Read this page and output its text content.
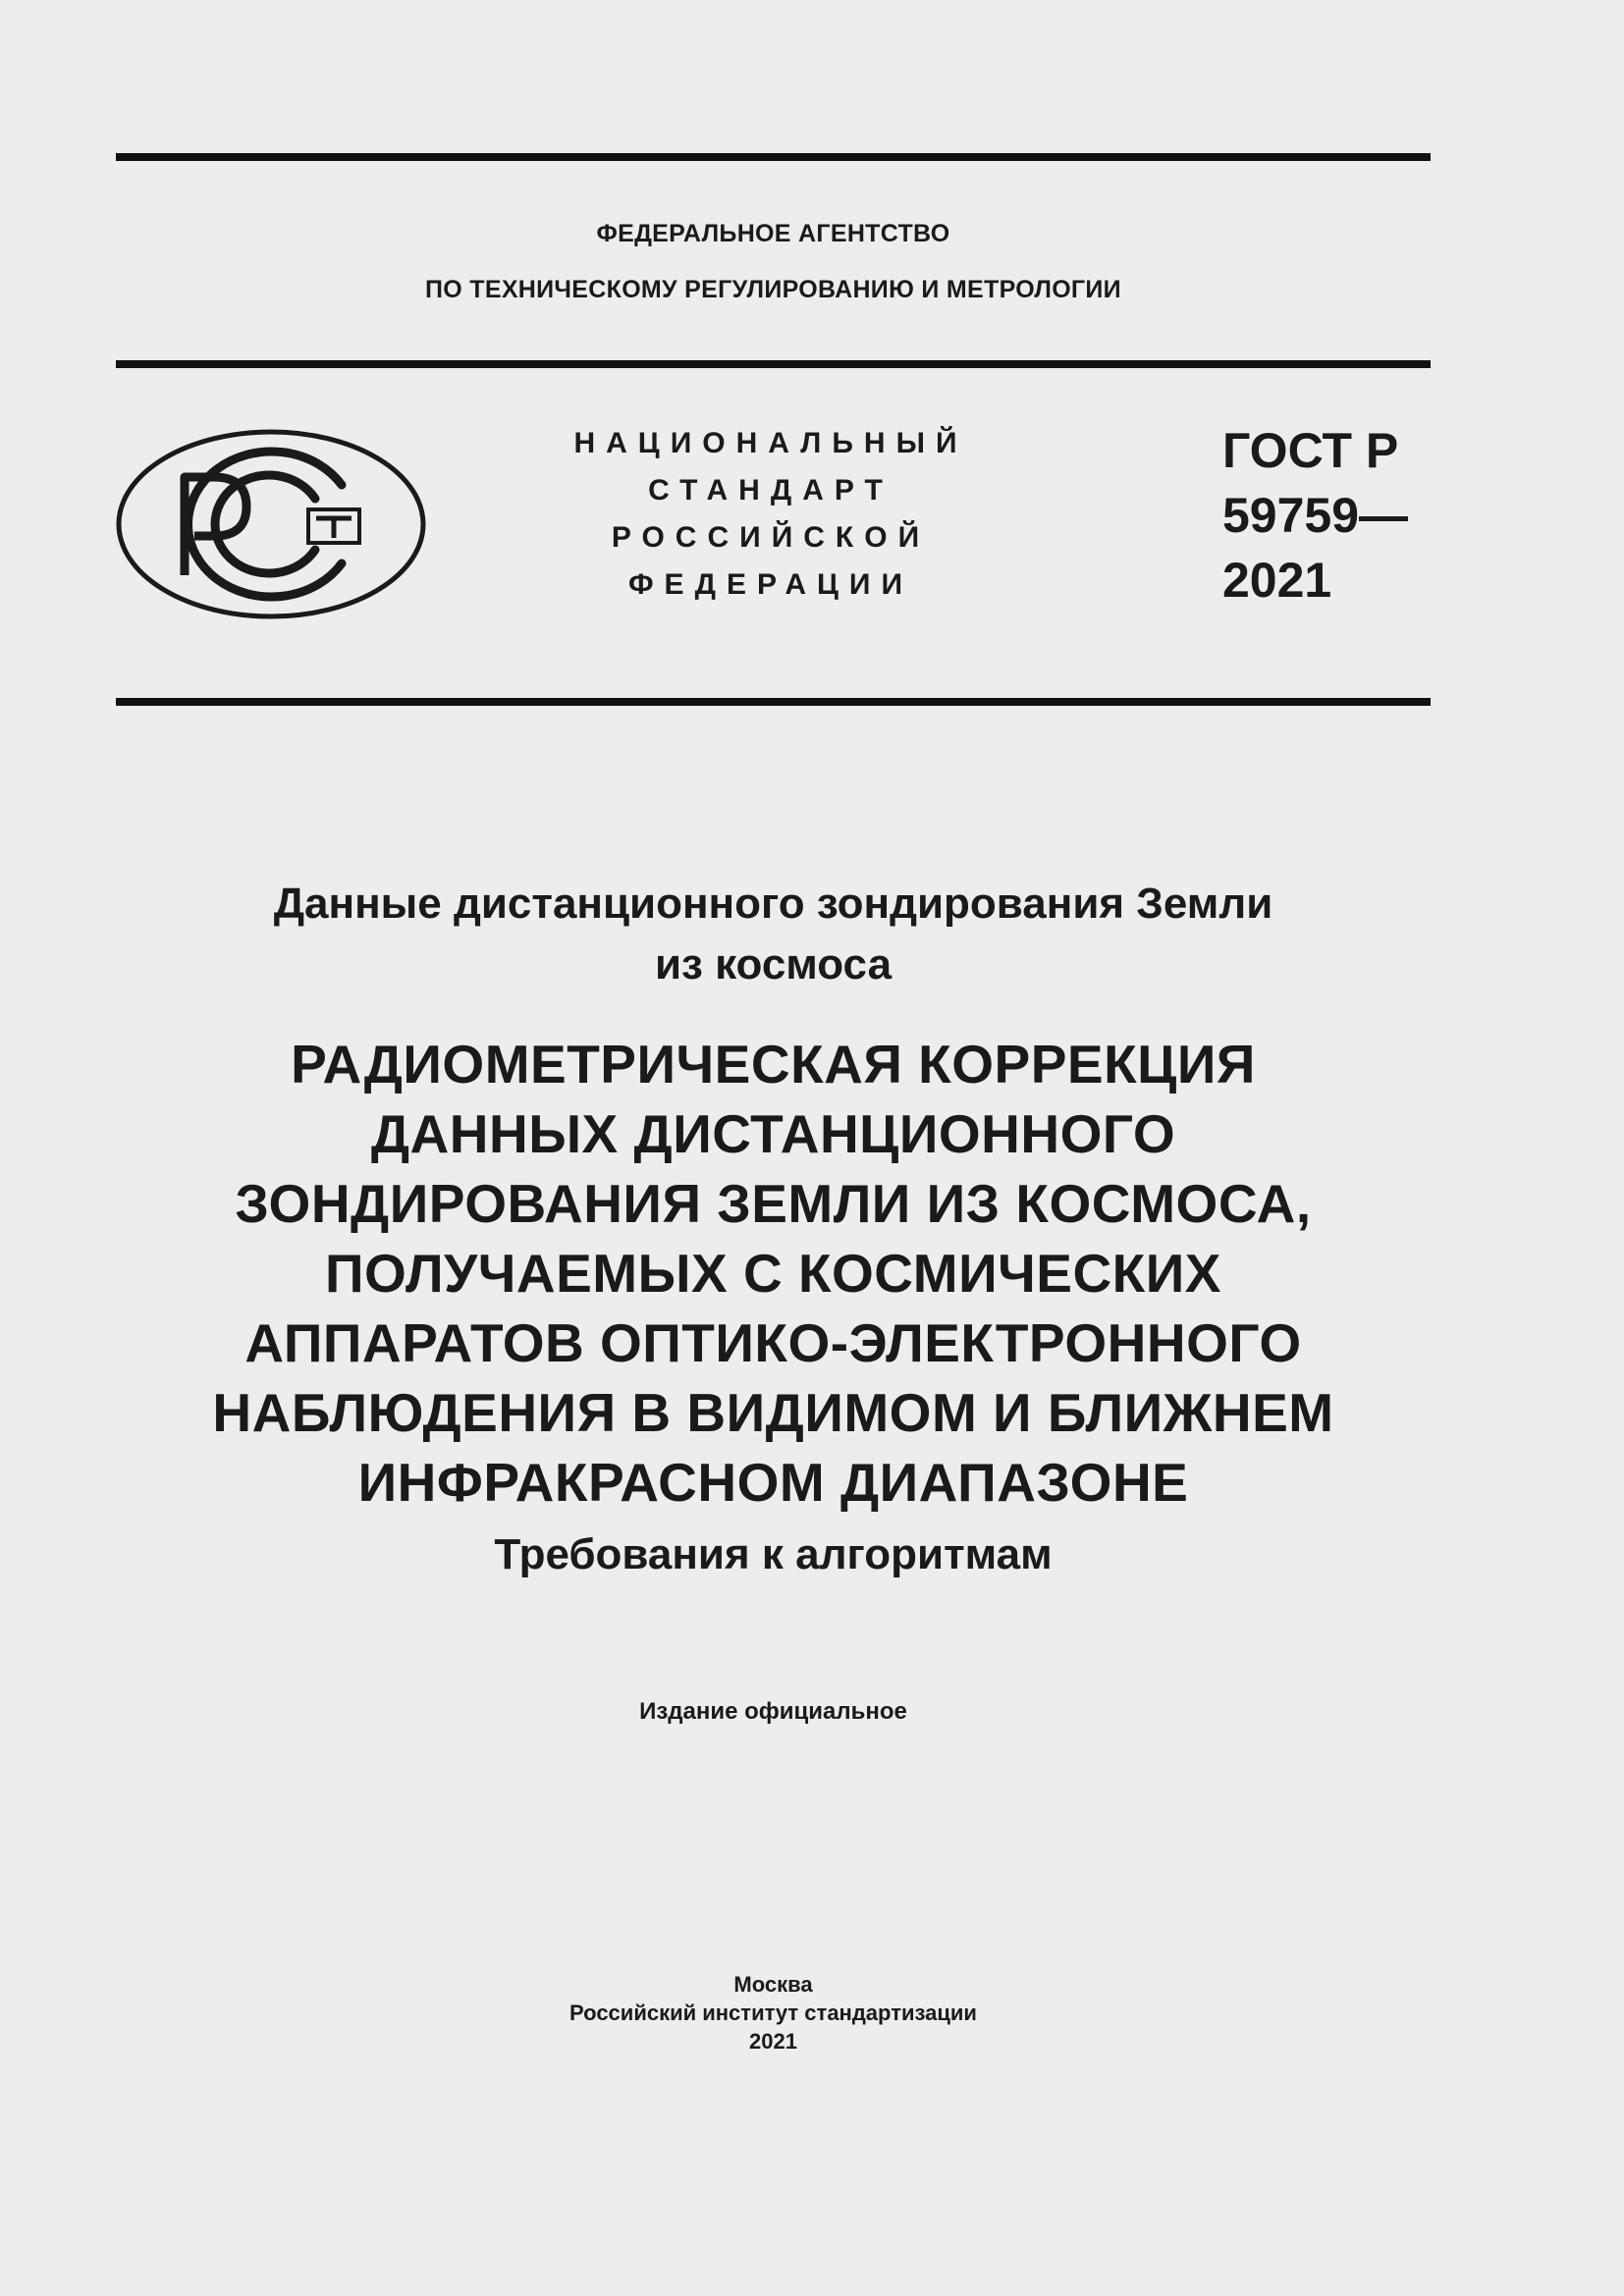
ФЕДЕРАЛЬНОЕ АГЕНТСТВО
ПО ТЕХНИЧЕСКОМУ РЕГУЛИРОВАНИЮ И МЕТРОЛОГИИ
НАЦИОНАЛЬНЫЙ
СТАНДАРТ
РОССИЙСКОЙ
ФЕДЕРАЦИИ
ГОСТ Р
59759—
2021
Данные дистанционного зондирования Земли
из космоса
РАДИОМЕТРИЧЕСКАЯ КОРРЕКЦИЯ
ДАННЫХ ДИСТАНЦИОННОГО
ЗОНДИРОВАНИЯ ЗЕМЛИ ИЗ КОСМОСА,
ПОЛУЧАЕМЫХ С КОСМИЧЕСКИХ
АППАРАТОВ ОПТИКО-ЭЛЕКТРОННОГО
НАБЛЮДЕНИЯ В ВИДИМОМ И БЛИЖНЕМ
ИНФРАКРАСНОМ ДИАПАЗОНЕ
Требования к алгоритмам
Издание официальное
Москва
Российский институт стандартизации
2021
